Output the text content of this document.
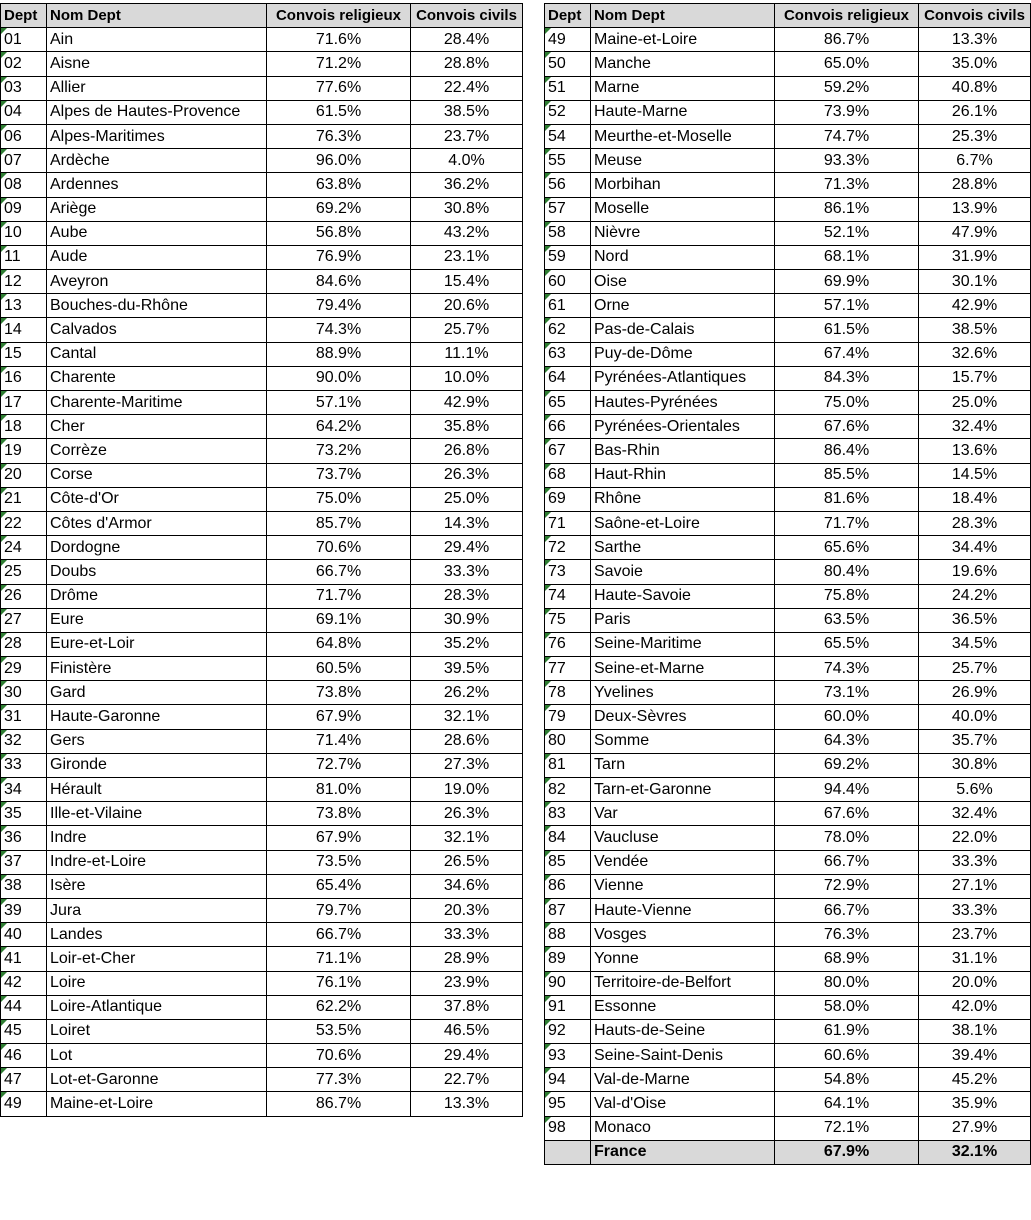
Dept	Nom Dept	Convois religieux	Convois civils
01	Ain	71.6%	28.4%
02	Aisne	71.2%	28.8%
03	Allier	77.6%	22.4%
04	Alpes de Hautes-Provence	61.5%	38.5%
06	Alpes-Maritimes	76.3%	23.7%
07	Ardèche	96.0%	4.0%
08	Ardennes	63.8%	36.2%
09	Ariège	69.2%	30.8%
10	Aube	56.8%	43.2%
11	Aude	76.9%	23.1%
12	Aveyron	84.6%	15.4%
13	Bouches-du-Rhône	79.4%	20.6%
14	Calvados	74.3%	25.7%
15	Cantal	88.9%	11.1%
16	Charente	90.0%	10.0%
17	Charente-Maritime	57.1%	42.9%
18	Cher	64.2%	35.8%
19	Corrèze	73.2%	26.8%
20	Corse	73.7%	26.3%
21	Côte-d'Or	75.0%	25.0%
22	Côtes d'Armor	85.7%	14.3%
24	Dordogne	70.6%	29.4%
25	Doubs	66.7%	33.3%
26	Drôme	71.7%	28.3%
27	Eure	69.1%	30.9%
28	Eure-et-Loir	64.8%	35.2%
29	Finistère	60.5%	39.5%
30	Gard	73.8%	26.2%
31	Haute-Garonne	67.9%	32.1%
32	Gers	71.4%	28.6%
33	Gironde	72.7%	27.3%
34	Hérault	81.0%	19.0%
35	Ille-et-Vilaine	73.8%	26.3%
36	Indre	67.9%	32.1%
37	Indre-et-Loire	73.5%	26.5%
38	Isère	65.4%	34.6%
39	Jura	79.7%	20.3%
40	Landes	66.7%	33.3%
41	Loir-et-Cher	71.1%	28.9%
42	Loire	76.1%	23.9%
44	Loire-Atlantique	62.2%	37.8%
45	Loiret	53.5%	46.5%
46	Lot	70.6%	29.4%
47	Lot-et-Garonne	77.3%	22.7%
49	Maine-et-Loire	86.7%	13.3%
Dept	Nom Dept	Convois religieux	Convois civils
49	Maine-et-Loire	86.7%	13.3%
50	Manche	65.0%	35.0%
51	Marne	59.2%	40.8%
52	Haute-Marne	73.9%	26.1%
54	Meurthe-et-Moselle	74.7%	25.3%
55	Meuse	93.3%	6.7%
56	Morbihan	71.3%	28.8%
57	Moselle	86.1%	13.9%
58	Nièvre	52.1%	47.9%
59	Nord	68.1%	31.9%
60	Oise	69.9%	30.1%
61	Orne	57.1%	42.9%
62	Pas-de-Calais	61.5%	38.5%
63	Puy-de-Dôme	67.4%	32.6%
64	Pyrénées-Atlantiques	84.3%	15.7%
65	Hautes-Pyrénées	75.0%	25.0%
66	Pyrénées-Orientales	67.6%	32.4%
67	Bas-Rhin	86.4%	13.6%
68	Haut-Rhin	85.5%	14.5%
69	Rhône	81.6%	18.4%
71	Saône-et-Loire	71.7%	28.3%
72	Sarthe	65.6%	34.4%
73	Savoie	80.4%	19.6%
74	Haute-Savoie	75.8%	24.2%
75	Paris	63.5%	36.5%
76	Seine-Maritime	65.5%	34.5%
77	Seine-et-Marne	74.3%	25.7%
78	Yvelines	73.1%	26.9%
79	Deux-Sèvres	60.0%	40.0%
80	Somme	64.3%	35.7%
81	Tarn	69.2%	30.8%
82	Tarn-et-Garonne	94.4%	5.6%
83	Var	67.6%	32.4%
84	Vaucluse	78.0%	22.0%
85	Vendée	66.7%	33.3%
86	Vienne	72.9%	27.1%
87	Haute-Vienne	66.7%	33.3%
88	Vosges	76.3%	23.7%
89	Yonne	68.9%	31.1%
90	Territoire-de-Belfort	80.0%	20.0%
91	Essonne	58.0%	42.0%
92	Hauts-de-Seine	61.9%	38.1%
93	Seine-Saint-Denis	60.6%	39.4%
94	Val-de-Marne	54.8%	45.2%
95	Val-d'Oise	64.1%	35.9%
98	Monaco	72.1%	27.9%
	France	67.9%	32.1%
